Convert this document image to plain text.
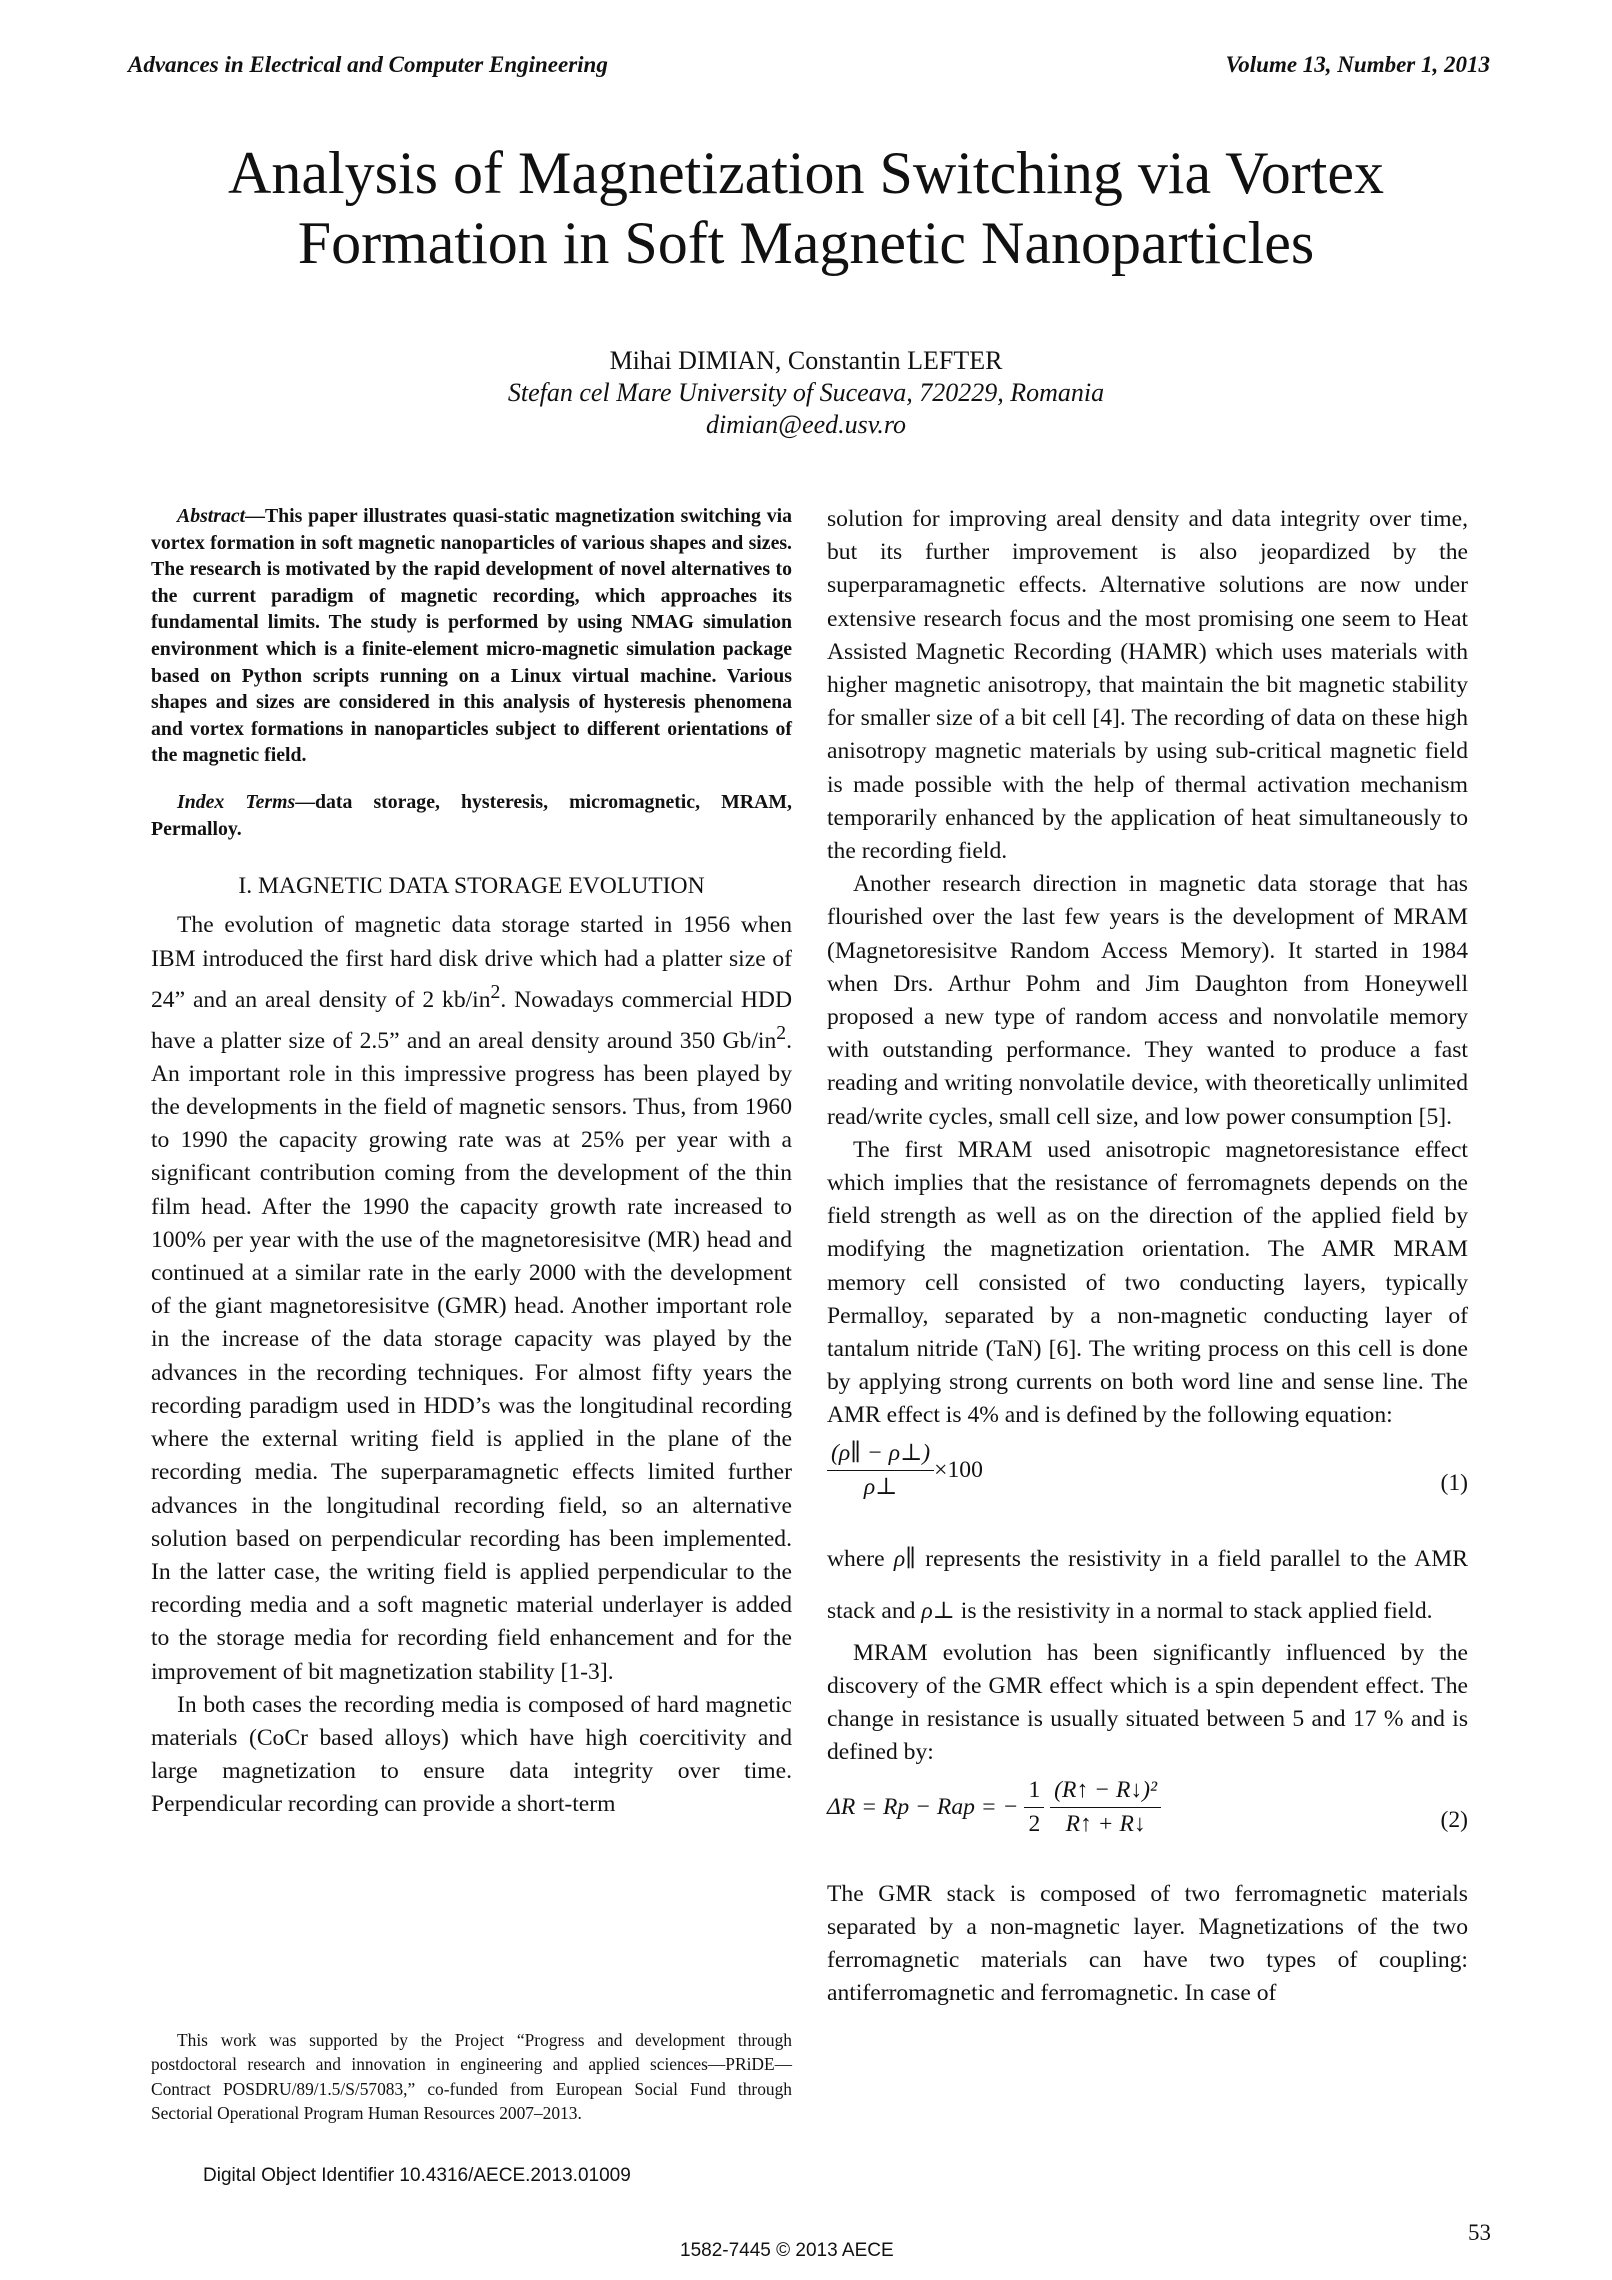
Advances in Electrical and Computer Engineering	Volume 13, Number 1, 2013
Analysis of Magnetization Switching via Vortex
Formation in Soft Magnetic Nanoparticles
Mihai DIMIAN, Constantin LEFTER
Stefan cel Mare University of Suceava, 720229, Romania
dimian@eed.usv.ro

Abstract—This paper illustrates quasi-static magnetization switching via vortex formation in soft magnetic nanoparticles of various shapes and sizes. The research is motivated by the rapid development of novel alternatives to the current paradigm of magnetic recording, which approaches its fundamental limits. The study is performed by using NMAG simulation environment which is a finite-element micro-magnetic simulation package based on Python scripts running on a Linux virtual machine. Various shapes and sizes are considered in this analysis of hysteresis phenomena and vortex formations in nanoparticles subject to different orientations of the magnetic field.

Index Terms—data storage, hysteresis, micromagnetic, MRAM, Permalloy.

I. MAGNETIC DATA STORAGE EVOLUTION

The evolution of magnetic data storage started in 1956 when IBM introduced the first hard disk drive which had a platter size of 24” and an areal density of 2 $kb/in^2$. Nowadays commercial HDD have a platter size of 2.5” and an areal density around 350 $Gb/in^2$. An important role in this impressive progress has been played by the developments in the field of magnetic sensors. Thus, from 1960 to 1990 the capacity growing rate was at 25% per year with a significant contribution coming from the development of the thin film head. After the 1990 the capacity growth rate increased to 100% per year with the use of the magnetoresisitve (MR) head and continued at a similar rate in the early 2000 with the development of the giant magnetoresisitve (GMR) head. Another important role in the increase of the data storage capacity was played by the advances in the recording techniques. For almost fifty years the recording paradigm used in HDD’s was the longitudinal recording where the external writing field is applied in the plane of the recording media. The superparamagnetic effects limited further advances in the longitudinal recording field, so an alternative solution based on perpendicular recording has been implemented. In the latter case, the writing field is applied perpendicular to the recording media and a soft magnetic material underlayer is added to the storage media for recording field enhancement and for the improvement of bit magnetization stability [1-3].

In both cases the recording media is composed of hard magnetic materials (CoCr based alloys) which have high coercitivity and large magnetization to ensure data integrity over time. Perpendicular recording can provide a short-term

This work was supported by the Project “Progress and development through postdoctoral research and innovation in engineering and applied sciences—PRiDE—Contract POSDRU/89/1.5/S/57083,” co-funded from European Social Fund through Sectorial Operational Program Human Resources 2007–2013.

Digital Object Identifier 10.4316/AECE.2013.01009

solution for improving areal density and data integrity over time, but its further improvement is also jeopardized by the superparamagnetic effects. Alternative solutions are now under extensive research focus and the most promising one seem to Heat Assisted Magnetic Recording (HAMR) which uses materials with higher magnetic anisotropy, that maintain the bit magnetic stability for smaller size of a bit cell [4]. The recording of data on these high anisotropy magnetic materials by using sub-critical magnetic field is made possible with the help of thermal activation mechanism temporarily enhanced by the application of heat simultaneously to the recording field.

Another research direction in magnetic data storage that has flourished over the last few years is the development of MRAM (Magnetoresisitve Random Access Memory). It started in 1984 when Drs. Arthur Pohm and Jim Daughton from Honeywell proposed a new type of random access and nonvolatile memory with outstanding performance. They wanted to produce a fast reading and writing nonvolatile device, with theoretically unlimited read/write cycles, small cell size, and low power consumption [5].

The first MRAM used anisotropic magnetoresistance effect which implies that the resistance of ferromagnets depends on the field strength as well as on the direction of the applied field by modifying the magnetization orientation. The AMR MRAM memory cell consisted of two conducting layers, typically Permalloy, separated by a non-magnetic conducting layer of tantalum nitride (TaN) [6]. The writing process on this cell is done by applying strong currents on both word line and sense line. The AMR effect is 4% and is defined by the following equation:

$\frac{(\rho\parallel - \rho\perp)}{\rho\perp} \times 100$	(1)

where ρ∥ represents the resistivity in a field parallel to the AMR stack and ρ⊥ is the resistivity in a normal to stack applied field.

MRAM evolution has been significantly influenced by the discovery of the GMR effect which is a spin dependent effect. The change in resistance is usually situated between 5 and 17 % and is defined by:

ΔR = Rp − Rap = − $\frac{1}{2}$
$\frac{\text{(R↑ − R↓)²}}{R↑ + R↓}$	(2)

The GMR stack is composed of two ferromagnetic materials separated by a non-magnetic layer. Magnetizations of the two ferromagnetic materials can have two types of coupling: antiferromagnetic and ferromagnetic. In case of

53
1582-7445 © 2013 AECE
